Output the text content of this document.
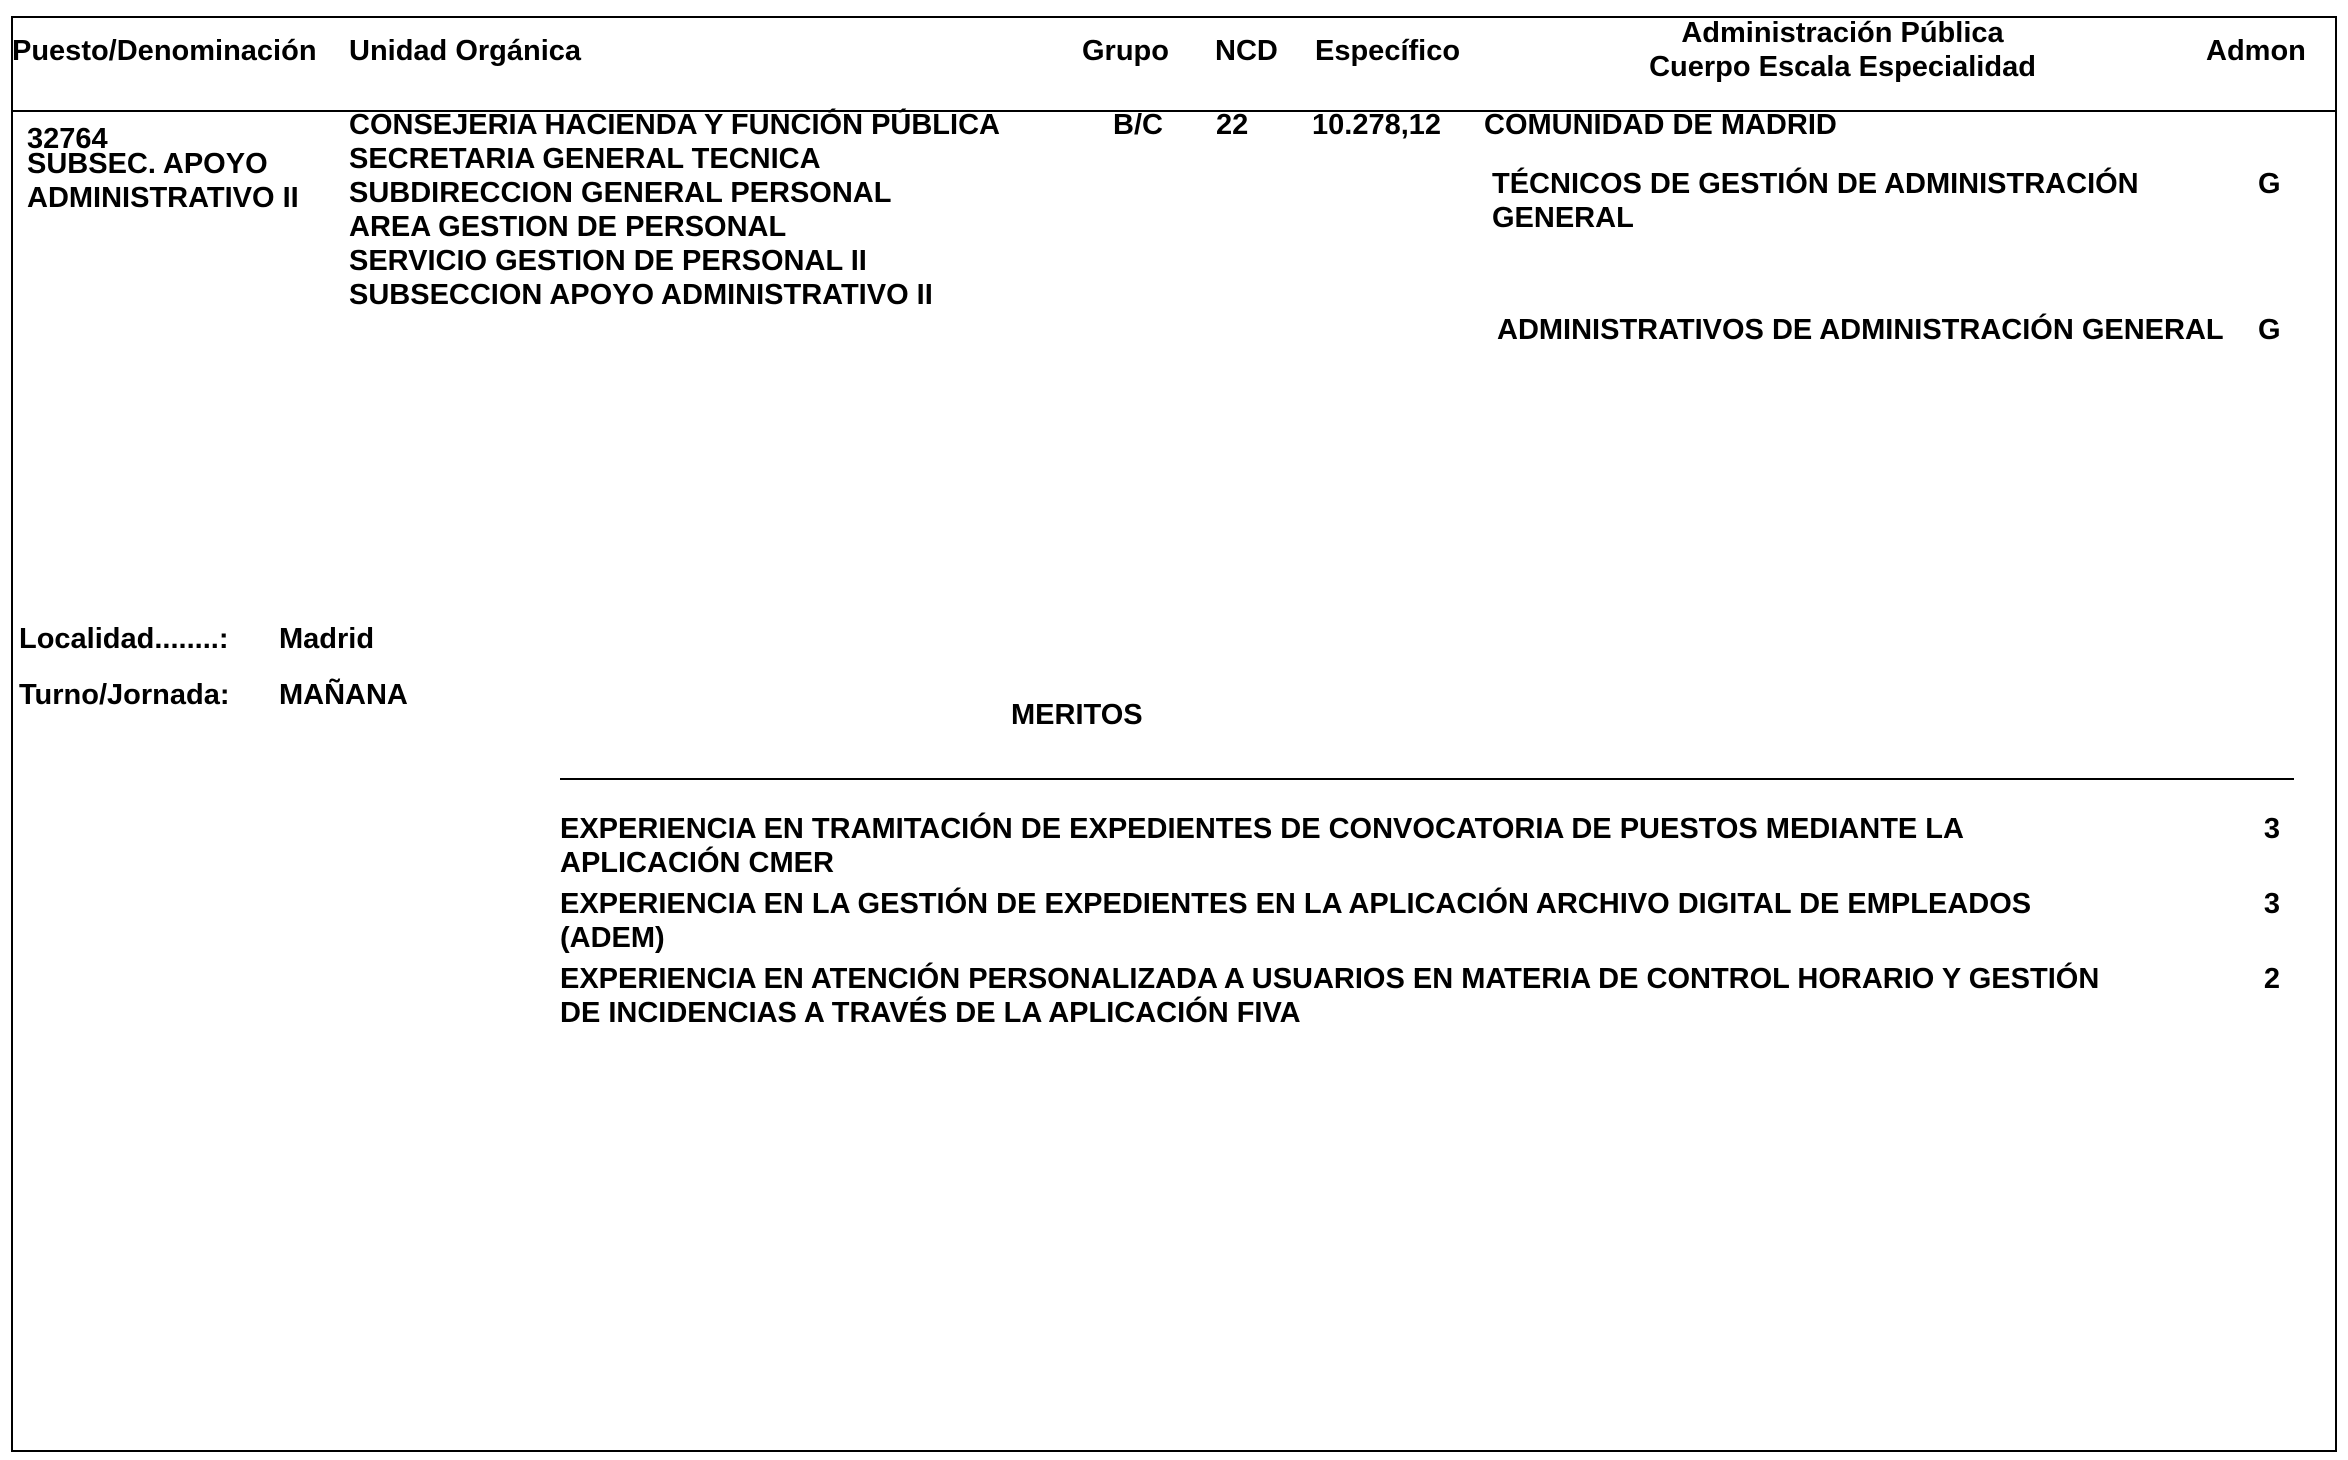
Puesto/Denominación Unidad Orgánica	Grupo NCD Específico
Administración Pública
Cuerpo Escala Especialidad	Admon
32764
SUBSEC. APOYO
ADMINISTRATIVO II
CONSEJERIA HACIENDA Y FUNCIÓN PÚBLICA
SECRETARIA GENERAL TECNICA
SUBDIRECCION GENERAL PERSONAL
AREA GESTION DE PERSONAL
SERVICIO GESTION DE PERSONAL II
SUBSECCION APOYO ADMINISTRATIVO II
B/C 22 10.278,12 COMUNIDAD DE MADRID
TÉCNICOS DE GESTIÓN DE ADMINISTRACIÓN
GENERAL
G
ADMINISTRATIVOS DE ADMINISTRACIÓN GENERAL G
Localidad........: Madrid
Turno/Jornada: MAÑANA
MERITOS
EXPERIENCIA EN TRAMITACIÓN DE EXPEDIENTES DE CONVOCATORIA DE PUESTOS MEDIANTE LA APLICACIÓN CMER
3
EXPERIENCIA EN LA GESTIÓN DE EXPEDIENTES EN LA APLICACIÓN ARCHIVO DIGITAL DE EMPLEADOS (ADEM)
3
EXPERIENCIA EN ATENCIÓN PERSONALIZADA A USUARIOS EN MATERIA DE CONTROL HORARIO Y GESTIÓN DE INCIDENCIAS A TRAVÉS DE LA APLICACIÓN FIVA
2
